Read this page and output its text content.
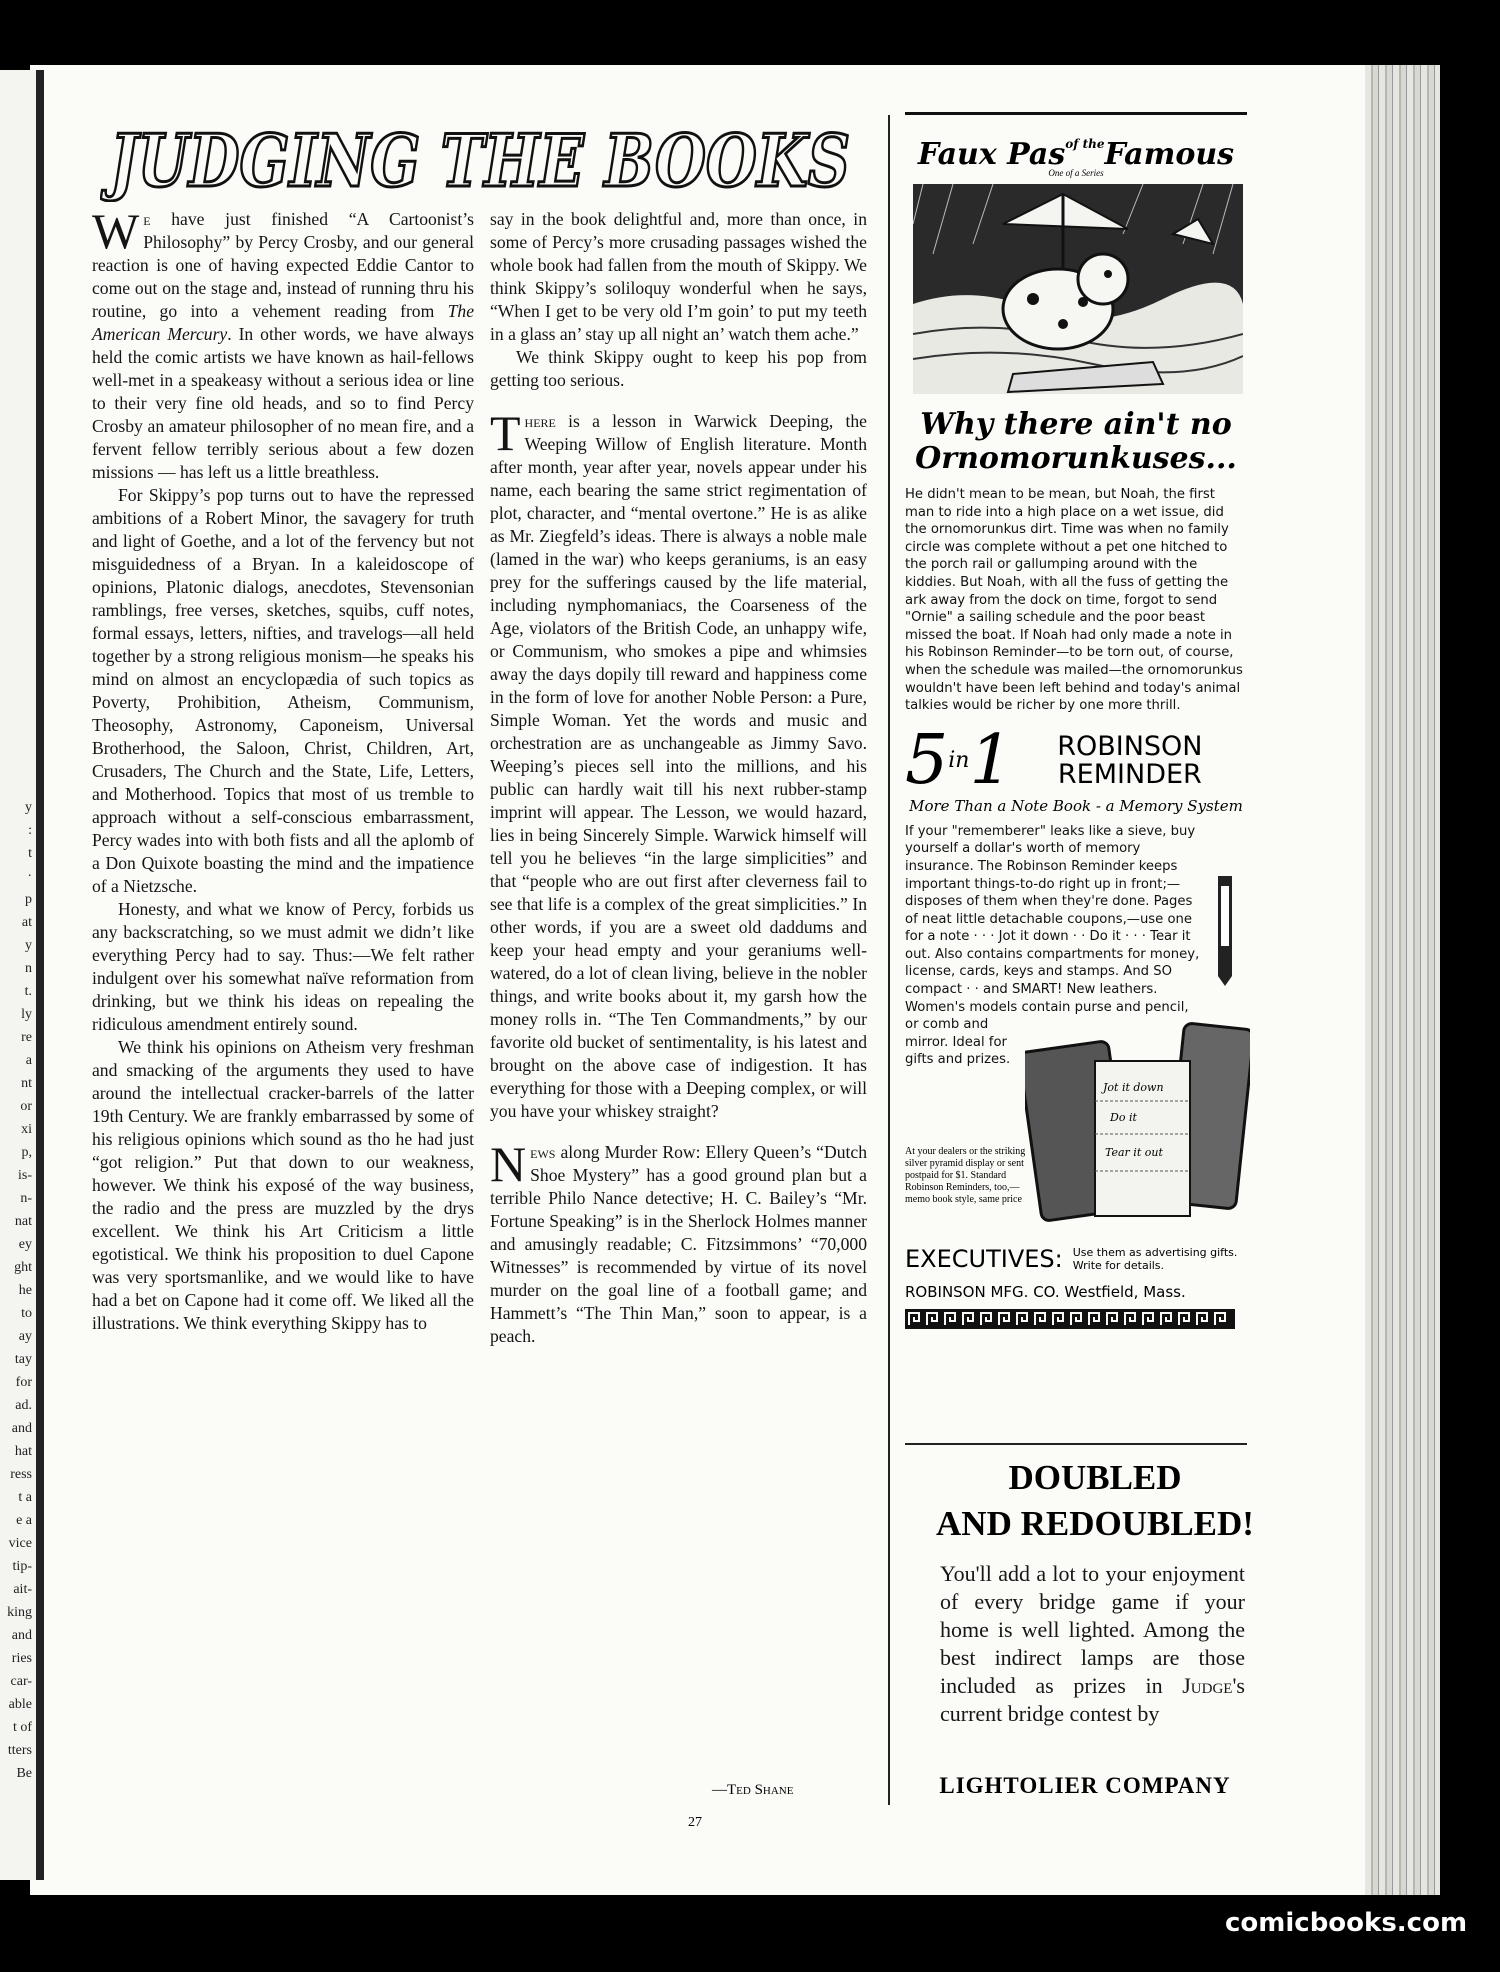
y
:
t
·
p
at
y
n
t.
ly
re
a
nt
or
xi
p,
is-
n-
nat
ey
ght
he
to
ay
tay
for
ad.
and
hat
ress
t a
e a
vice
tip-
ait-
king
and
ries
car-
able
t of
tters
Be
JUDGING THE BOOKS

We have just finished “A Cartoonist’s Philosophy” by Percy Crosby, and our general reaction is one of having expected Eddie Cantor to come out on the stage and, instead of running thru his routine, go into a vehement reading from The American Mercury. In other words, we have always held the comic artists we have known as hail-fellows well-met in a speakeasy without a serious idea or line to their very fine old heads, and so to find Percy Crosby an amateur philosopher of no mean fire, and a fervent fellow terribly serious about a few dozen missions — has left us a little breathless.

For Skippy’s pop turns out to have the repressed ambitions of a Robert Minor, the savagery for truth and light of Goethe, and a lot of the fervency but not misguidedness of a Bryan. In a kaleidoscope of opinions, Platonic dialogs, anecdotes, Stevensonian ramblings, free verses, sketches, squibs, cuff notes, formal essays, letters, nifties, and travelogs—all held together by a strong religious monism—he speaks his mind on almost an encyclopædia of such topics as Poverty, Prohibition, Atheism, Communism, Theosophy, Astronomy, Caponeism, Universal Brotherhood, the Saloon, Christ, Children, Art, Crusaders, The Church and the State, Life, Letters, and Motherhood. Topics that most of us tremble to approach without a self-conscious embarrassment, Percy wades into with both fists and all the aplomb of a Don Quixote boasting the mind and the impatience of a Nietzsche.

Honesty, and what we know of Percy, forbids us any backscratching, so we must admit we didn’t like everything Percy had to say. Thus:—We felt rather indulgent over his somewhat naïve reformation from drinking, but we think his ideas on repealing the ridiculous amendment entirely sound.

We think his opinions on Atheism very freshman and smacking of the arguments they used to have around the intellectual cracker-barrels of the latter 19th Century. We are frankly embarrassed by some of his religious opinions which sound as tho he had just “got religion.” Put that down to our weakness, however. We think his exposé of the way business, the radio and the press are muzzled by the drys excellent. We think his Art Criticism a little egotistical. We think his proposition to duel Capone was very sportsmanlike, and we would like to have had a bet on Capone had it come off. We liked all the illustrations. We think everything Skippy has to

say in the book delightful and, more than once, in some of Percy’s more crusading passages wished the whole book had fallen from the mouth of Skippy. We think Skippy’s soliloquy wonderful when he says, “When I get to be very old I’m goin’ to put my teeth in a glass an’ stay up all night an’ watch them ache.”

We think Skippy ought to keep his pop from getting too serious.

There is a lesson in Warwick Deeping, the Weeping Willow of English literature. Month after month, year after year, novels appear under his name, each bearing the same strict regimentation of plot, character, and “mental overtone.” He is as alike as Mr. Ziegfeld’s ideas. There is always a noble male (lamed in the war) who keeps geraniums, is an easy prey for the sufferings caused by the life material, including nymphomaniacs, the Coarseness of the Age, violators of the British Code, an unhappy wife, or Communism, who smokes a pipe and whimsies away the days dopily till reward and happiness come in the form of love for another Noble Person: a Pure, Simple Woman. Yet the words and music and orchestration are as unchangeable as Jimmy Savo. Weeping’s pieces sell into the millions, and his public can hardly wait till his next rubber-stamp imprint will appear. The Lesson, we would hazard, lies in being Sincerely Simple. Warwick himself will tell you he believes “in the large simplicities” and that “people who are out first after cleverness fail to see that life is a complex of the great simplicities.” In other words, if you are a sweet old daddums and keep your head empty and your geraniums well-watered, do a lot of clean living, believe in the nobler things, and write books about it, my garsh how the money rolls in. “The Ten Commandments,” by our favorite old bucket of sentimentality, is his latest and brought on the above case of indigestion. It has everything for those with a Deeping complex, or will you have your whiskey straight?

News along Murder Row: Ellery Queen’s “Dutch Shoe Mystery” has a good ground plan but a terrible Philo Nance detective; H. C. Bailey’s “Mr. Fortune Speaking” is in the Sherlock Holmes manner and amusingly readable; C. Fitzsimmons’ “70,000 Witnesses” is recommended by virtue of its novel murder on the goal line of a football game; and Hammett’s “The Thin Man,” soon to appear, is a peach.

—Ted Shane
Faux Pas$^{of the}$Famous
One of a Series
Why there ain't no
Ornomorunkuses...
He didn't mean to be mean, but Noah, the first man to ride into a high place on a wet issue, did the ornomorunkus dirt. Time was when no family circle was complete without a pet one hitched to the porch rail or gallumping around with the kiddies. But Noah, with all the fuss of getting the ark away from the dock on time, forgot to send "Ornie" a sailing schedule and the poor beast missed the boat. If Noah had only made a note in his Robinson Reminder—to be torn out, of course, when the schedule was mailed—the ornomorunkus wouldn't have been left behind and today's animal talkies would be richer by one more thrill.
$5^{in}1$	ROBINSON
REMINDER
More Than a Note Book - a Memory System
If your "rememberer" leaks like a sieve, buy yourself a dollar's worth of memory insurance. The Robinson Reminder keeps important things-to-do right up in front;—disposes of them when they're done. Pages of neat little detachable coupons,—use one for a note · · · Jot it down · · Do it · · · Tear it out. Also contains compartments for money, license, cards, keys and stamps. And SO compact · · and SMART! New leathers. Women's models contain purse and pencil,
or comb and mirror. Ideal for gifts and prizes.
At your dealers or the striking silver pyramid display or sent postpaid for $1. Standard Robinson Reminders, too,—memo book style, same price
Jot it down
Do it
Tear it out
EXECUTIVES: Use them as advertising gifts. Write for details.
ROBINSON MFG. CO. Westfield, Mass.
DOUBLED
AND REDOUBLED!
You'll add a lot to your enjoyment of every bridge game if your home is well lighted. Among the best indirect lamps are those included as prizes in Judge's current bridge contest by
LIGHTOLIER COMPANY
27
comicbooks.com
